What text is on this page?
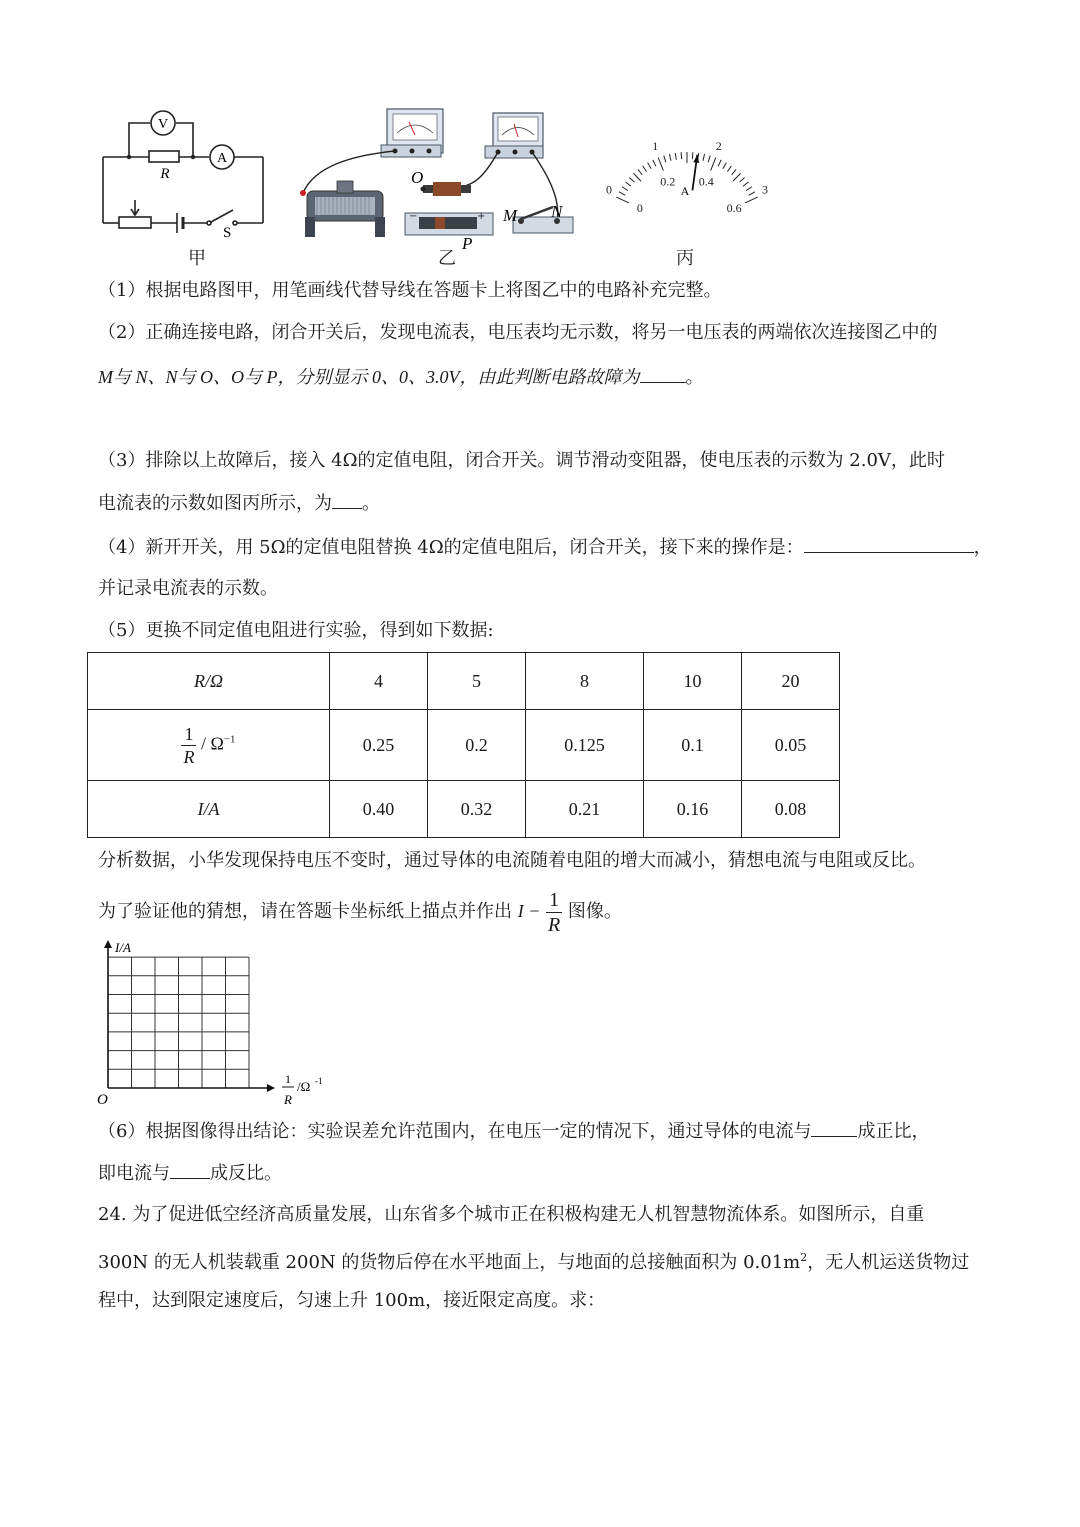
V
A
R
S
甲
−	+
O
P
M N
乙
0
1	2
3
0
0.2 0.4
0.6
A
丙
（1）根据电路图甲，用笔画线代替导线在答题卡上将图乙中的电路补充完整。
（2）正确连接电路，闭合开关后，发现电流表，电压表均无示数，将另一电压表的两端依次连接图乙中的
M与 N、N与 O、O与 P，分别显示 0、0、3.0V，由此判断电路故障为	。
（3）排除以上故障后，接入 4Ω的定值电阻，闭合开关。调节滑动变阻器，使电压表的示数为 2.0V，此时
电流表的示数如图丙所示，为 。
（4）新开开关，用 5Ω的定值电阻替换 4Ω的定值电阻后，闭合开关，接下来的操作是：	，
并记录电流表的示数。
（5）更换不同定值电阻进行实验，得到如下数据:
R/Ω	4	5	8	10	20

$\frac{1}{R} / \Omega^{-1}$	0.25	0.2	0.125	0.1	0.05
I/A	0.40	0.32	0.21	0.16	0.08
分析数据，小华发现保持电压不变时，通过导体的电流随着电阻的增大而减小，猜想电流与电阻或反比。
为了验证他的猜想，请在答题卡坐标纸上描点并作出 $I - \frac{1}{R}$ 图像。
I/A
O
1
R
/Ω -1
（6）根据图像得出结论：实验误差允许范围内，在电压一定的情况下，通过导体的电流与	成正比，
即电流与 成反比。
24. 为了促进低空经济高质量发展，山东省多个城市正在积极构建无人机智慧物流体系。如图所示，自重
300N 的无人机装载重 200N 的货物后停在水平地面上，与地面的总接触面积为 $0.01m^2$，无人机运送货物过
程中，达到限定速度后，匀速上升 100m，接近限定高度。求：
